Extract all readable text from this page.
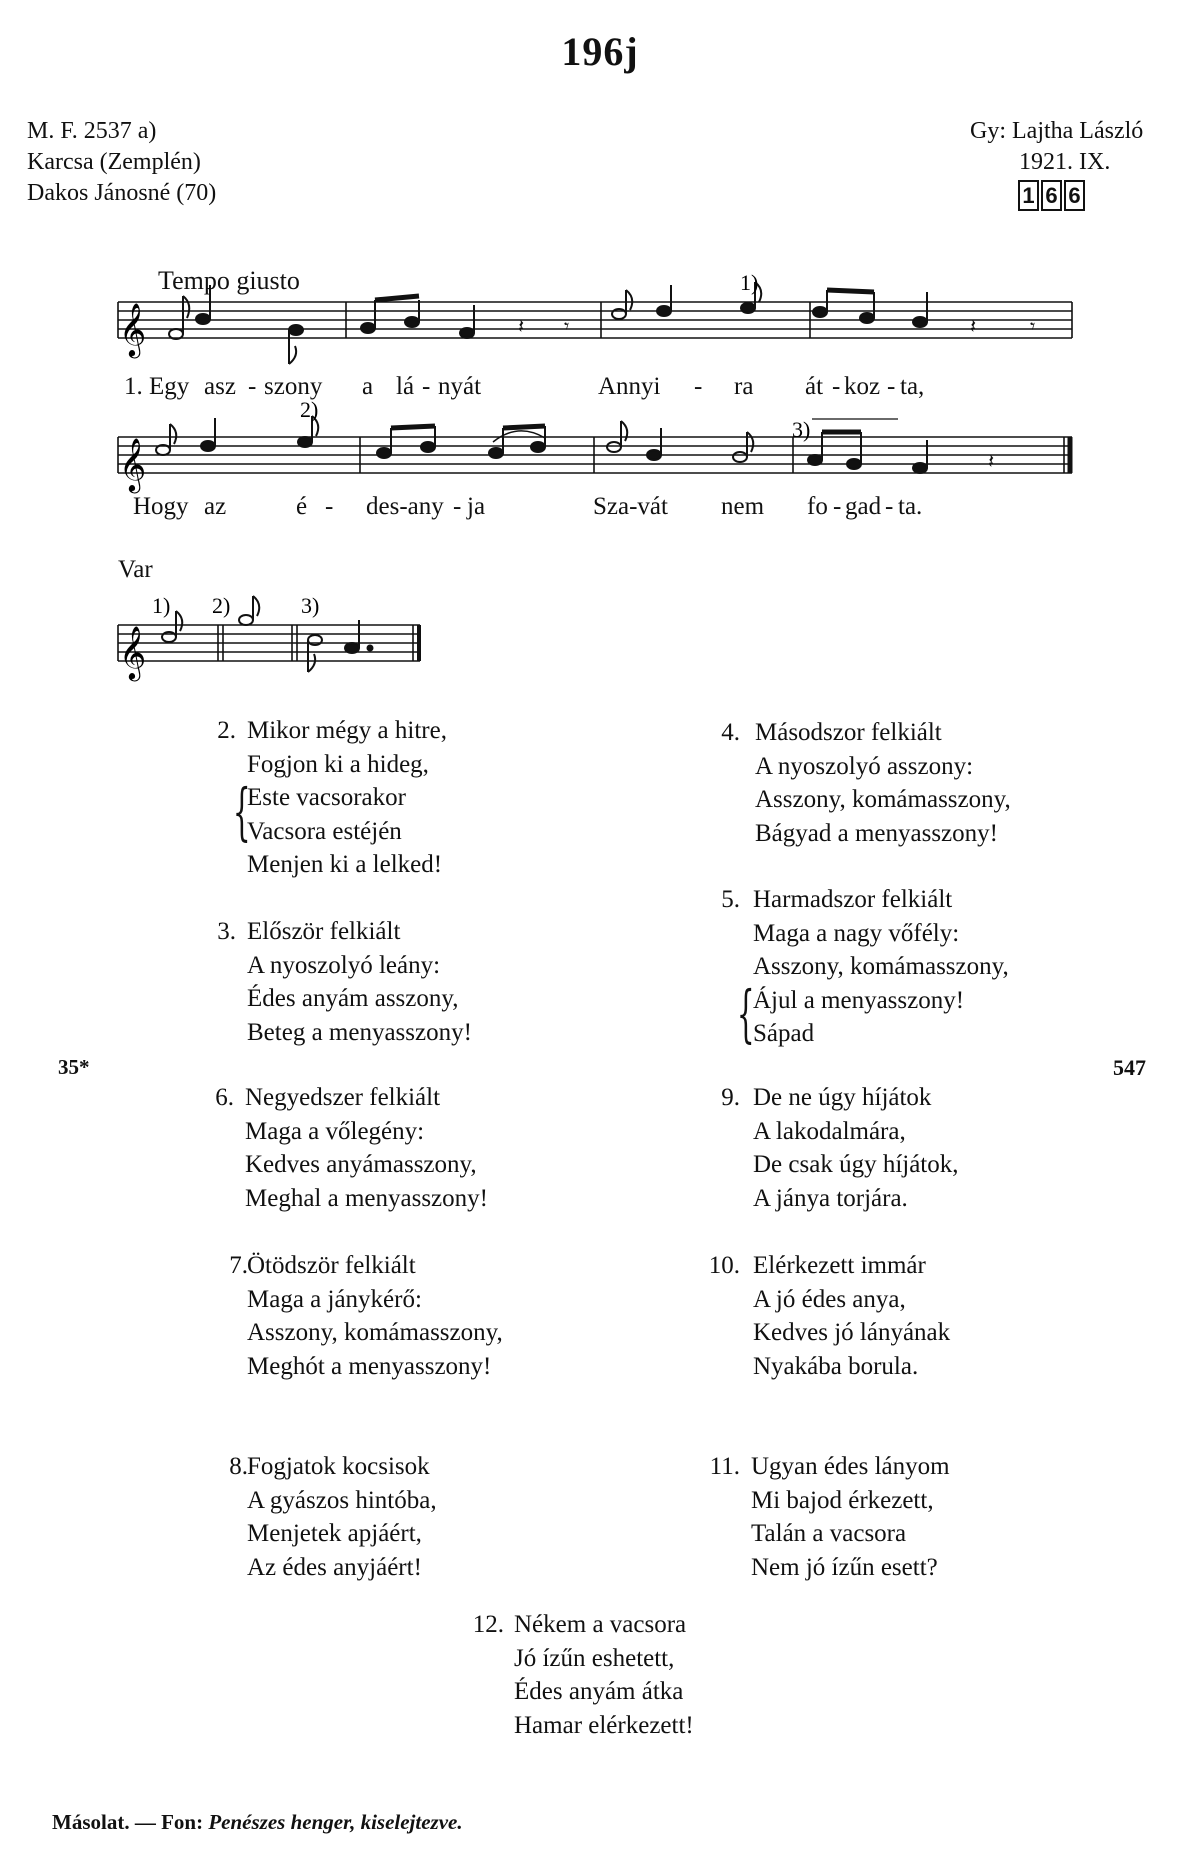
196j
M. F. 2537 a)
Karcsa (Zemplén)
Dakos Jánosné (70)
Gy: Lajtha László
1921. IX.
1 6 6
Tempo giusto
𝄞	𝄽 𝄾	𝄽	𝄾
1)
𝄞	𝄽
2)
3)
𝄞
1) 2)	3)
1. Egy asz - szony a lá - nyát	Annyi - ra át - koz - ta,
Hogy az	é - des-any - ja	Sza-vát nem fo - gad - ta.
Var
2. Mikor mégy a hitre,
Fogjon ki a hideg,
Este vacsorakor
Vacsora estéjén
Menjen ki a lelked!
{
3. Először felkiált
A nyoszolyó leány:
Édes anyám asszony,
Beteg a menyasszony!
6. Negyedszer felkiált
Maga a vőlegény:
Kedves anyámasszony,
Meghal a menyasszony!
7. Ötödször felkiált
Maga a jánykérő:
Asszony, komámasszony,
Meghót a menyasszony!
8. Fogjatok kocsisok
A gyászos hintóba,
Menjetek apjáért,
Az édes anyjáért!
4. Másodszor felkiált
A nyoszolyó asszony:
Asszony, komámasszony,
Bágyad a menyasszony!
5. Harmadszor felkiált
Maga a nagy vőfély:
Asszony, komámasszony,
Ájul a menyasszony!
Sápad
{
9. De ne úgy híjátok
A lakodalmára,
De csak úgy híjátok,
A jánya torjára.
10. Elérkezett immár
A jó édes anya,
Kedves jó lányának
Nyakába borula.
11. Ugyan édes lányom
Mi bajod érkezett,
Talán a vacsora
Nem jó ízűn esett?
12. Nékem a vacsora
Jó ízűn eshetett,
Édes anyám átka
Hamar elérkezett!
35*	547
Másolat. — Fon: Penészes henger, kiselejtezve.
